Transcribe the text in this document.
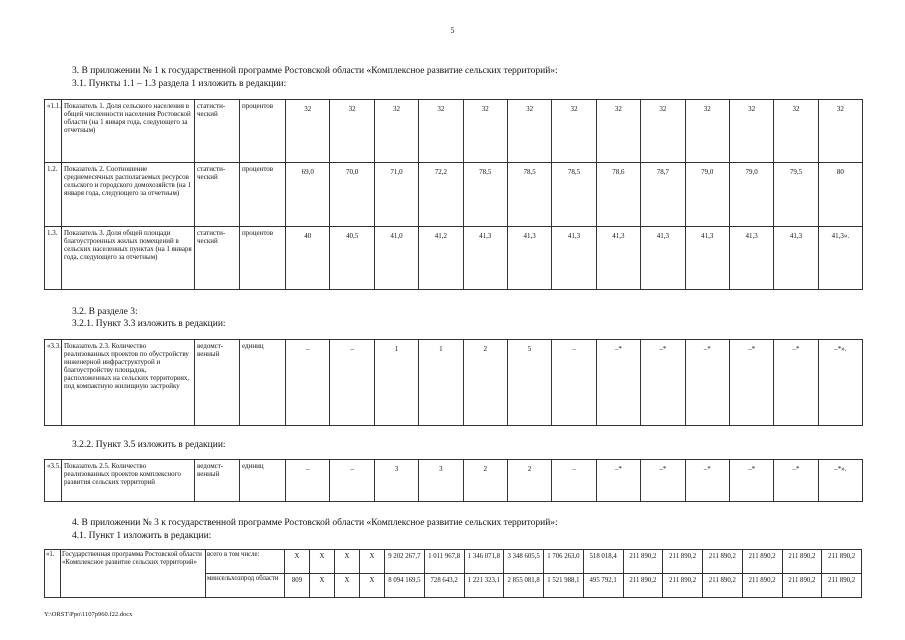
5
3. В приложении № 1 к государственной программе Ростовской области «Комплексное развитие сельских территорий»:
3.1. Пункты 1.1 – 1.3 раздела 1 изложить в редакции:
«1.1.	Показатель 1. Доля сельского населения в общей численности населения Ростовской области (на 1 января года, следующего за отчетным)	статисти-ческий	процентов	32	32	32	32	32	32	32	32	32	32	32	32	32
1.2.	Показатель 2. Соотношение среднемесячных располагаемых ресурсов сельского и городского домохозяйств (на 1 января года, следующего за отчетным)	статисти-ческий	процентов	69,0	70,0	71,0	72,2	78,5	78,5	78,5	78,6	78,7	79,0	79,0	79,5	80
1.3.	Показатель 3. Доля общей площади благоустроенных жилых помещений в сельских населенных пунктах (на 1 января года, следующего за отчетным)	статисти-ческий	процентов	40	40,5	41,0	41,2	41,3	41,3	41,3	41,3	41,3	41,3	41,3	41,3	41,3».
3.2. В разделе 3:
3.2.1. Пункт 3.3 изложить в редакции:
«3.3.	Показатель 2.3. Количество реализованных проектов по обустройству инженерной инфраструктурой и благоустройству площадок, расположенных на сельских территориях, под компактную жилищную застройку	ведомст-венный	единиц	–	–	1	1	2	5	–	–*	–*	–*	–*	–*	–*».
3.2.2. Пункт 3.5 изложить в редакции:
«3.5.	Показатель 2.5. Количество реализованных проектов комплексного развития сельских территорий	ведомст-венный	единиц	–	–	3	3	2	2	–	–*	–*	–*	–*	–*	–*».
4. В приложении № 3 к государственной программе Ростовской области «Комплексное развитие сельских территорий»:
4.1. Пункт 1 изложить в редакции:
«1.	Государственная программа Ростовской области «Комплексное развитие сельских территорий»	всего в том числе:	X	X	X	X	9 202 267,7	1 011 967,8	1 346 071,8	3 348 605,5	1 706 263,0	518 018,4	211 890,2	211 890,2	211 890,2	211 890,2	211 890,2	211 890,2
		минсельхозпрод области	809	X	X	X	8 094 169,5	728 643,2	1 221 323,1	2 855 081,8	1 521 988,1	495 792,1	211 890,2	211 890,2	211 890,2	211 890,2	211 890,2	211 890,2
Y:\ORST\Ppo\1107p960.f22.docx
